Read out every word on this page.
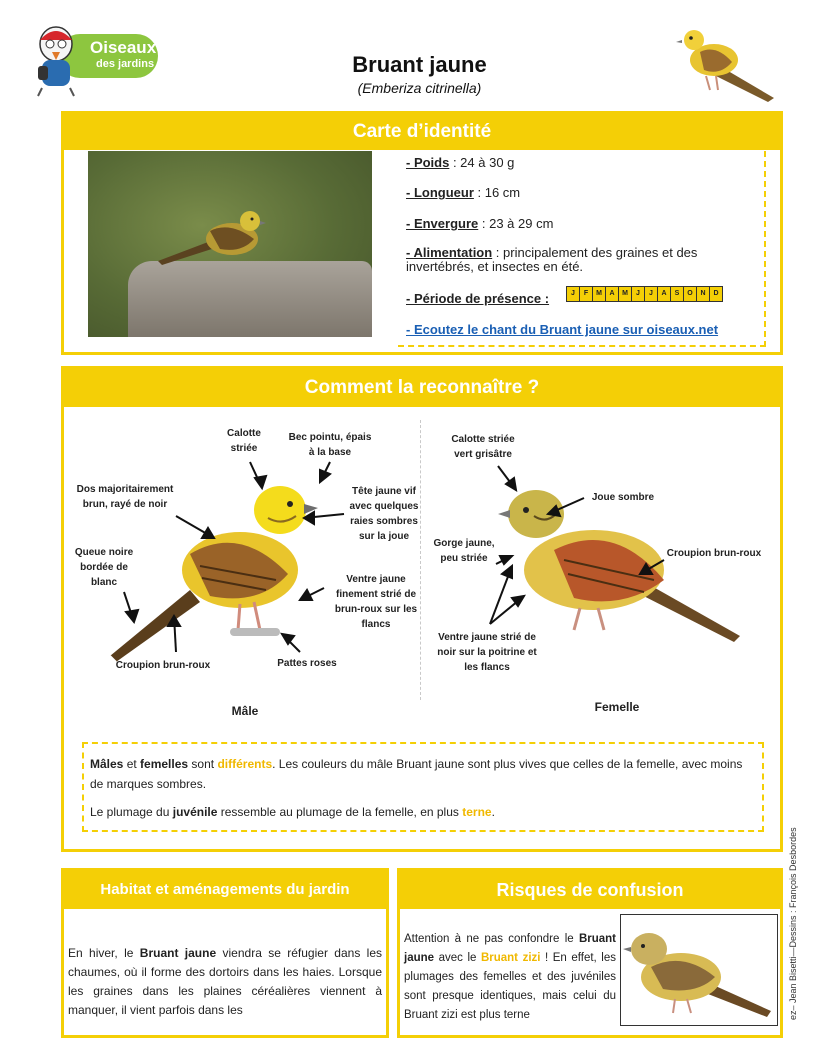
Oiseaux
des jardins	Bruant jaune
(Emberiza citrinella)
Carte d’identité
- Poids : 24 à 30 g
- Longueur : 16 cm
- Envergure : 23 à 29 cm
- Alimentation : principalement des graines et des invertébrés, et insectes en été.
- Période de présence :	J	F	M	A	M	J	J	A	S	O	N	D
- Ecoutez le chant du Bruant jaune sur oiseaux.net
Comment la reconnaître ?
Calotte striée
Bec pointu, épais à la base
Dos majoritairement brun, rayé de noir
Tête jaune vif avec quelques raies sombres sur la joue
Queue noire bordée de blanc	Ventre jaune finement strié de brun-roux sur les flancs
Croupion brun-roux	Pattes roses
Mâle
Calotte striée vert grisâtre
Joue sombre
Gorge jaune, peu striée	Croupion brun-roux
Ventre jaune strié de noir sur la poitrine et les flancs
Femelle

Mâles et femelles sont différents. Les couleurs du mâle Bruant jaune sont plus vives que celles de la femelle, avec moins de marques sombres.

Le plumage du juvénile ressemble au plumage de la femelle, en plus terne.

Habitat et aménagements du jardin
En hiver, le Bruant jaune viendra se réfugier dans les chaumes, où il forme des dortoirs dans les haies. Lorsque les graines dans les plaines céréalières viennent à manquer, il vient parfois dans les
Risques de confusion
Attention à ne pas confondre le Bruant jaune avec le Bruant zizi ! En effet, les plumages des femelles et des juvéniles sont presque identiques, mais celui du Bruant zizi est plus terne	ez– Jean Bisetti—Dessins : François Desbordes
